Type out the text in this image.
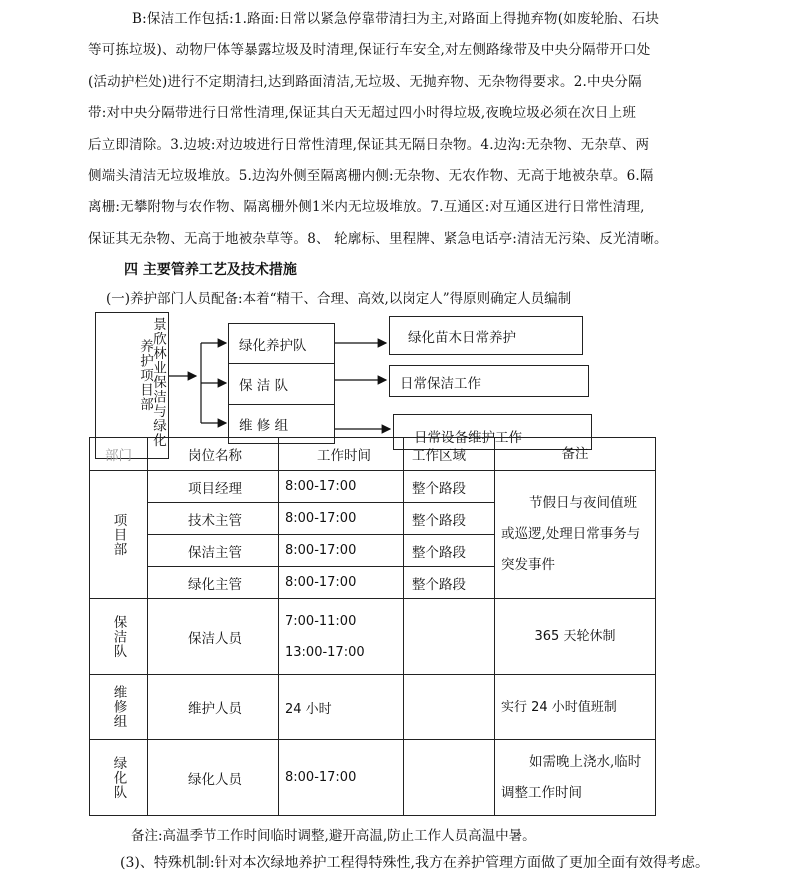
B:保洁工作包括:1.路面:日常以紧急停靠带清扫为主,对路面上得抛弃物(如废轮胎、石块
等可拣垃圾)、动物尸体等暴露垃圾及时清理,保证行车安全,对左侧路缘带及中央分隔带开口处
(活动护栏处)进行不定期清扫,达到路面清洁,无垃圾、无抛弃物、无杂物得要求。2.中央分隔
带:对中央分隔带进行日常性清理,保证其白天无超过四小时得垃圾,夜晚垃圾必须在次日上班
后立即清除。3.边坡:对边坡进行日常性清理,保证其无隔日杂物。4.边沟:无杂物、无杂草、两
侧端头清洁无垃圾堆放。5.边沟外侧至隔离栅内侧:无杂物、无农作物、无高于地被杂草。6.隔
离栅:无攀附物与农作物、隔离栅外侧1米内无垃圾堆放。7.互通区:对互通区进行日常性清理,
保证其无杂物、无高于地被杂草等。8、 轮廓标、里程牌、紧急电话亭:清洁无污染、反光清晰。
四 主要管养工艺及技术措施
(一)养护部门人员配备:本着“精干、合理、高效,以岗定人”得原则确定人员编制
景欣林业保洁与绿化
养护项目部	绿化养护队
保 洁 队
维 修 组
绿化苗木日常养护
日常保洁工作
日常设备维护工作
部门	岗位名称	工作时间	工作区域	备注

项目部	项目经理	8:00-17:00	整个路段	节假日与夜间值班或巡逻,处理日常事务与突发事件

	技术主管	8:00-17:00	整个路段	
	保洁主管	8:00-17:00	整个路段	
	绿化主管	8:00-17:00	整个路段	

保洁队	保洁人员	7:00-11:00
13:00-17:00		365 天轮休制

维修组	维护人员	24 小时		实行 24 小时值班制

绿化队	绿化人员	8:00-17:00		如需晚上浇水,临时调整工作时间
备注:高温季节工作时间临时调整,避开高温,防止工作人员高温中暑。
(3)、特殊机制:针对本次绿地养护工程得特殊性,我方在养护管理方面做了更加全面有效得考虑。
